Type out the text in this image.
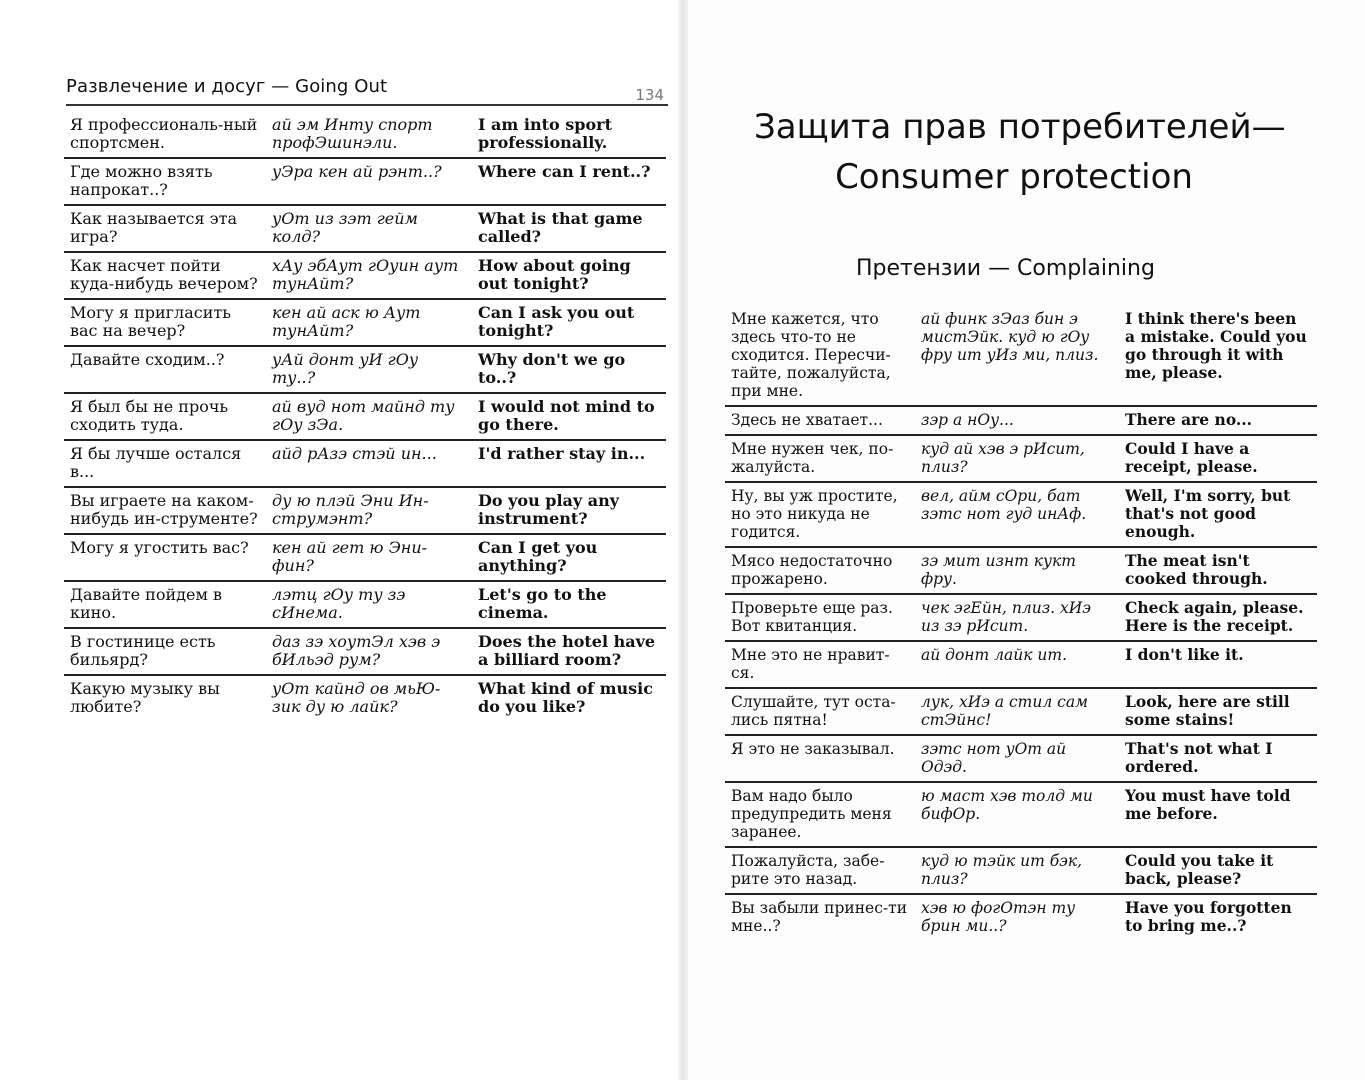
Развлечение и досуг — Going Out	134
Я профессиональ-ный спортсмен.	ай эм Инту спорт профЭшинэли.	I am into sport professionally.
Где можно взять напрокат..?	уЭра кен ай рэнт..?	Where can I rent..?
Как называется эта игра?	уОт из зэт гейм колд?	What is that game called?
Как насчет пойти куда-нибудь вечером?	хАу эбАут гОуин аут тунАйт?	How about going out tonight?
Могу я пригласить вас на вечер?	кен ай аск ю Аут тунАйт?	Can I ask you out tonight?
Давайте сходим..?	уАй донт уИ гОу ту..?	Why don't we go to..?
Я был бы не прочь сходить туда.	ай вуд нот майнд ту гОу зЭа.	I would not mind to go there.
Я бы лучше остался в...	айд рАзэ стэй ин...	I'd rather stay in...
Вы играете на каком-нибудь ин-струменте?	ду ю плэй Эни Ин-струмэнт?	Do you play any instrument?
Могу я угостить вас?	кен ай гет ю Эни-фин?	Can I get you anything?
Давайте пойдем в кино.	лэтц гОу ту зэ сИнема.	Let's go to the cinema.
В гостинице есть бильярд?	даз зэ хоутЭл хэв э бИльэд рум?	Does the hotel have a billiard room?
Какую музыку вы любите?	уОт кайнд ов мьЮ-зик ду ю лайк?	What kind of music do you like?
Защита прав потребителей—
Consumer protection
Претензии — Complaining
Мне кажется, что здесь что-то не сходится. Пересчи-тайте, пожалуйста, при мне.	ай финк зЭаз бин э мистЭйк. куд ю гОу фру ит уИз ми, плиз.	I think there's been a mistake. Could you go through it with me, please.
Здесь не хватает...	зэр а нОу...	There are no...
Мне нужен чек, по-жалуйста.	куд ай хэв э рИсит, плиз?	Could I have a receipt, please.
Ну, вы уж простите, но это никуда не годится.	вел, айм сОри, бат зэтс нот гуд инАф.	Well, I'm sorry, but that's not good enough.
Мясо недостаточно прожарено.	зэ мит изнт кукт фру.	The meat isn't cooked through.
Проверьте еще раз. Вот квитанция.	чек эгЕйн, плиз. хИэ из зэ рИсит.	Check again, please. Here is the receipt.
Мне это не нравит-ся.	ай донт лайк ит.	I don't like it.
Слушайте, тут оста-лись пятна!	лук, хИэ а стил сам стЭйнс!	Look, here are still some stains!
Я это не заказывал.	зэтс нот уОт ай Одэд.	That's not what I ordered.
Вам надо было предупредить меня заранее.	ю маст хэв толд ми бифОр.	You must have told me before.
Пожалуйста, забе-рите это назад.	куд ю тэйк ит бэк, плиз?	Could you take it back, please?
Вы забыли принес-ти мне..?	хэв ю фогОтэн ту брин ми..?	Have you forgotten to bring me..?
